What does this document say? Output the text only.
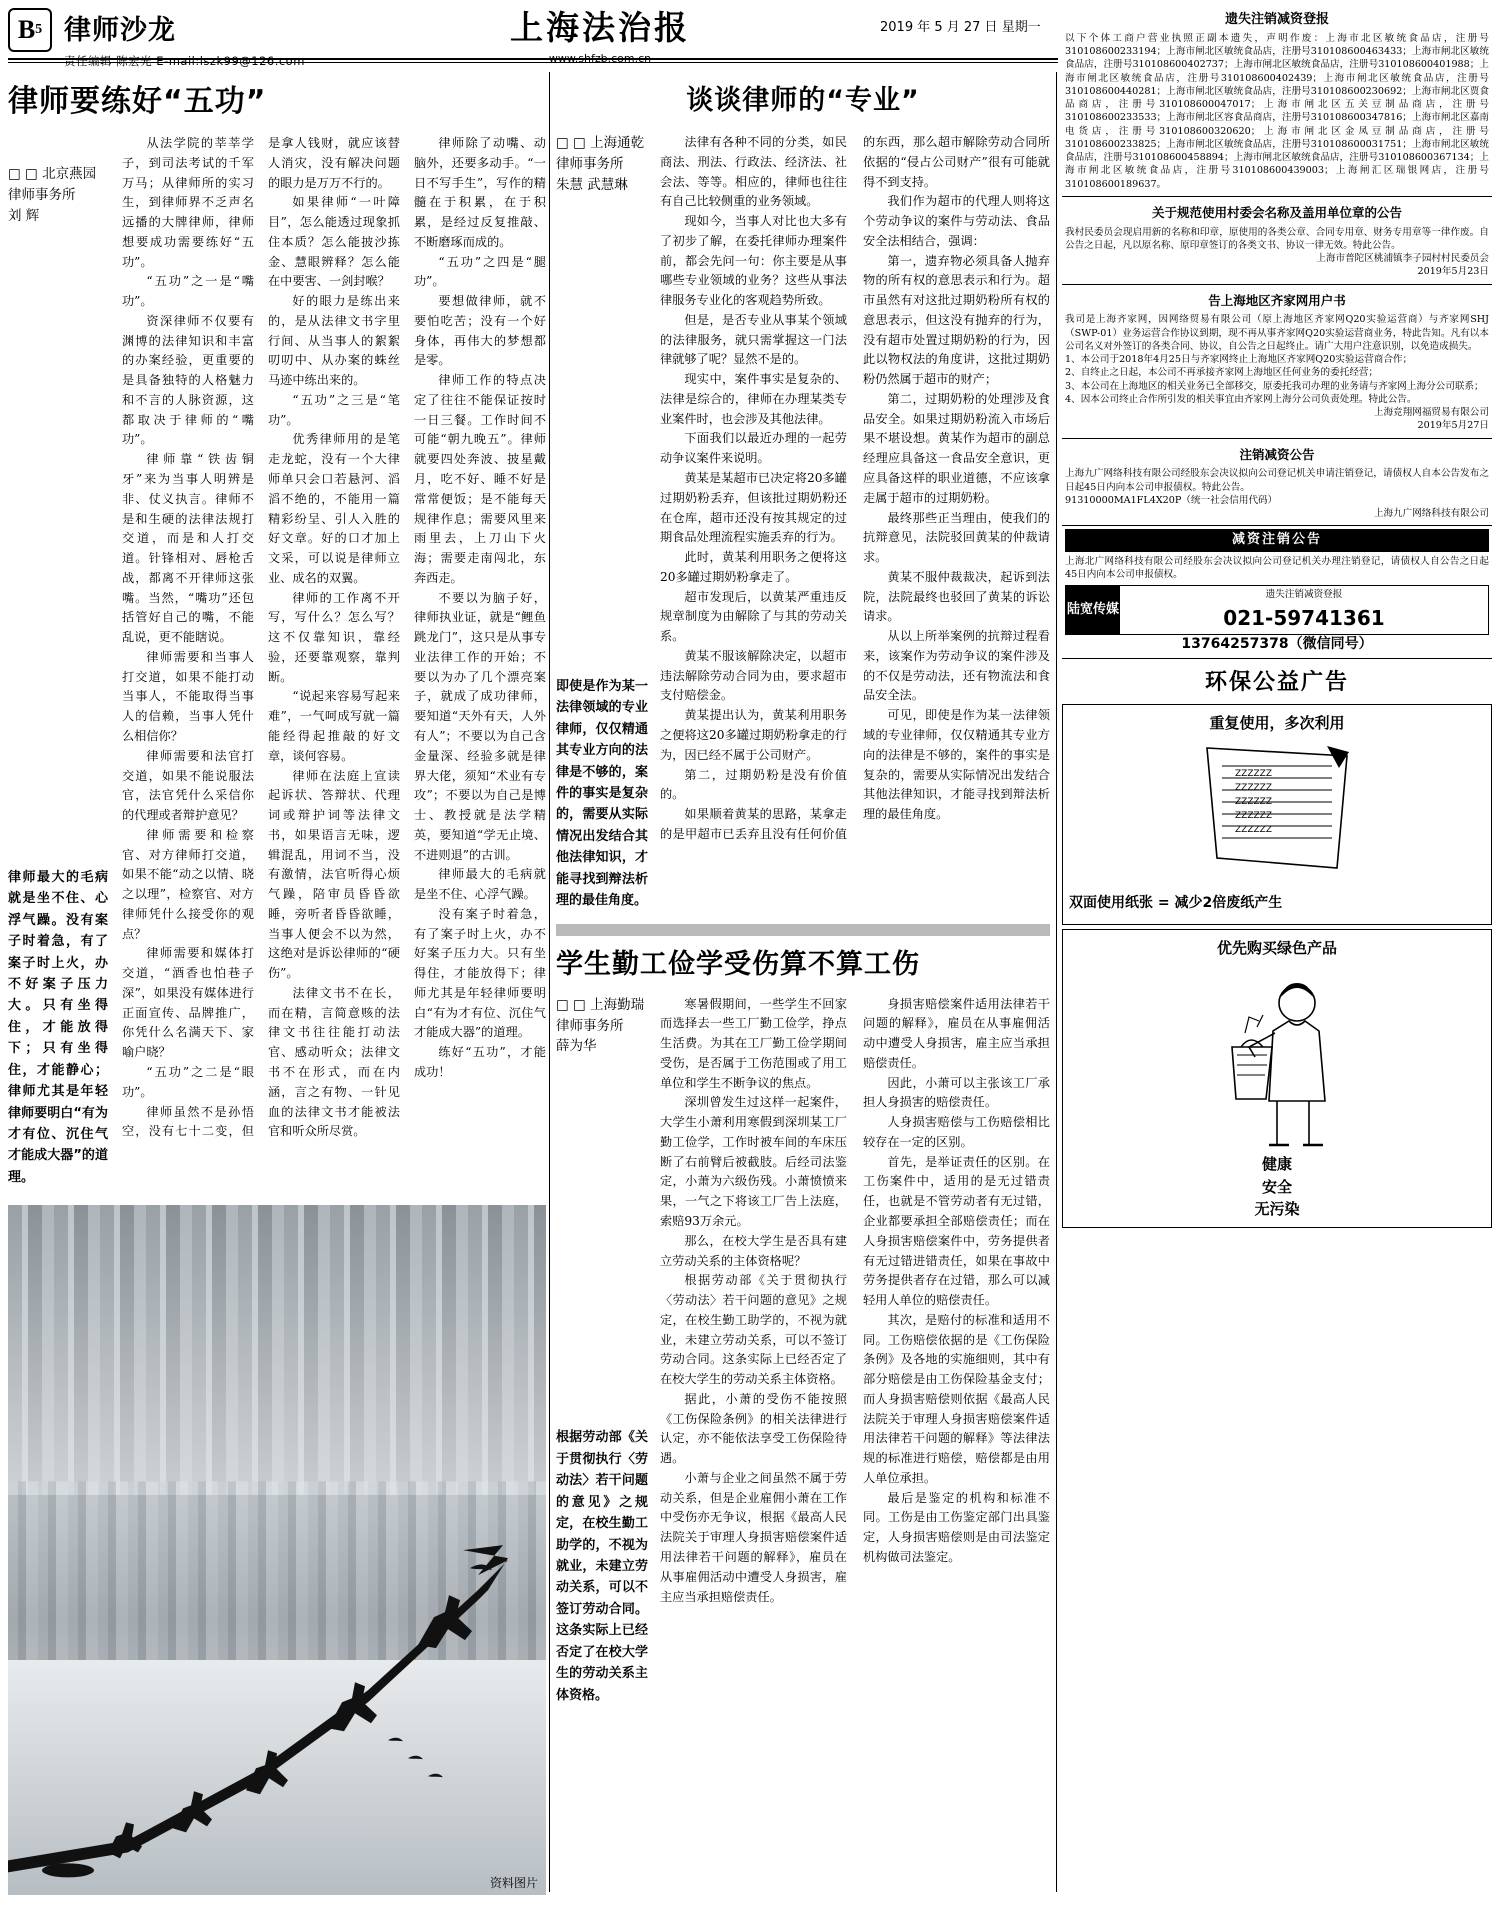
B 5 律师沙龙
责任编辑 陈宏光 E-mail:lszk99@126.com
上海法治报
www.shfzb.com.cn
2019 年 5 月 27 日 星期一
律师要练好“五功”
□ □ 北京燕园
律师事务所
刘 辉
律师最大的毛病就是坐不住、心浮气躁。没有案子时着急，有了案子时上火，办不好案子压力大。只有坐得住，才能放得下；只有坐得住，才能静心；律师尤其是年轻律师要明白“有为才有位、沉住气才能成大器”的道理。

从法学院的莘莘学子，到司法考试的千军万马；从律师所的实习生，到律师界不乏声名远播的大牌律师，律师想要成功需要练好“五功”。

“五功”之一是“嘴功”。

资深律师不仅要有渊博的法律知识和丰富的办案经验，更重要的是具备独特的人格魅力和不言的人脉资源，这都取决于律师的“嘴功”。

律师靠“铁齿铜牙”来为当事人明辨是非、仗义执言。律师不是和生硬的法律法规打交道，而是和人打交道。针锋相对、唇枪舌战，都离不开律师这张嘴。当然，“嘴功”还包括管好自己的嘴，不能乱说，更不能瞎说。

律师需要和当事人打交道，如果不能打动当事人，不能取得当事人的信赖，当事人凭什么相信你？

律师需要和法官打交道，如果不能说服法官，法官凭什么采信你的代理或者辩护意见？

律师需要和检察官、对方律师打交道，如果不能“动之以情、晓之以理”，检察官、对方律师凭什么接受你的观点？

律师需要和媒体打交道，“酒香也怕巷子深”，如果没有媒体进行正面宣传、品牌推广，你凭什么名满天下、家喻户晓？

“五功”之二是“眼功”。

律师虽然不是孙悟空，没有七十二变，但是拿人钱财，就应该替人消灾，没有解决问题的眼力是万万不行的。

如果律师“一叶障目”，怎么能透过现象抓住本质？怎么能披沙拣金、慧眼辨释？怎么能在中要害、一剑封喉？

好的眼力是练出来的，是从法律文书字里行间、从当事人的絮絮叨叨中、从办案的蛛丝马迹中练出来的。

“五功”之三是“笔功”。

优秀律师用的是笔走龙蛇，没有一个大律师单只会口若悬河、滔滔不绝的，不能用一篇精彩纷呈、引人入胜的好文章。好的口才加上文采，可以说是律师立业、成名的双翼。

律师的工作离不开写，写什么？怎么写？这不仅靠知识，靠经验，还要靠观察，靠判断。

“说起来容易写起来难”，一气呵成写就一篇能经得起推敲的好文章，谈何容易。

律师在法庭上宣读起诉状、答辩状、代理词或辩护词等法律文书，如果语言无味，逻辑混乱，用词不当，没有激情，法官听得心烦气躁，陪审员昏昏欲睡，旁听者昏昏欲睡，当事人便会不以为然，这绝对是诉讼律师的“硬伤”。

法律文书不在长，而在精，言简意赅的法律文书往往能打动法官、感动听众；法律文书不在形式，而在内涵，言之有物、一针见血的法律文书才能被法官和听众所尽赏。

律师除了动嘴、动脑外，还要多动手。“一日不写手生”，写作的精髓在于积累，在于积累，是经过反复推敲、不断磨琢而成的。

“五功”之四是“腿功”。

要想做律师，就不要怕吃苦；没有一个好身体，再伟大的梦想都是零。

律师工作的特点决定了往往不能保证按时一日三餐。工作时间不可能“朝九晚五”。律师就要四处奔波、披星戴月，吃不好、睡不好是常常便饭；是不能每天规律作息；需要风里来雨里去，上刀山下火海；需要走南闯北，东奔西走。

不要以为脑子好，律师执业证，就是“鲤鱼跳龙门”，这只是从事专业法律工作的开始；不要以为办了几个漂亮案子，就成了成功律师，要知道“天外有天，人外有人”；不要以为自己含金量深、经验多就是律界大佬，须知“术业有专攻”；不要以为自己是博士、教授就是法学精英，要知道“学无止境、不进则退”的古训。

律师最大的毛病就是坐不住、心浮气躁。

没有案子时着急，有了案子时上火，办不好案子压力大。只有坐得住，才能放得下；律师尤其是年轻律师要明白“有为才有位、沉住气才能成大器”的道理。

练好“五功”，才能成功！

资料图片
谈谈律师的“专业”
□ □ 上海通乾
律师事务所
朱慧 武慧琳
即使是作为某一法律领域的专业律师，仅仅精通其专业方向的法律是不够的，案件的事实是复杂的，需要从实际情况出发结合其他法律知识，才能寻找到辩法析理的最佳角度。

法律有各种不同的分类，如民商法、刑法、行政法、经济法、社会法、等等。相应的，律师也往往有自己比较侧重的业务领域。

现如今，当事人对比也大多有了初步了解，在委托律师办理案件前，都会先问一句：你主要是从事哪些专业领域的业务？这些从事法律服务专业化的客观趋势所致。

但是，是否专业从事某个领域的法律服务，就只需掌握这一门法律就够了呢？显然不是的。

现实中，案件事实是复杂的、法律是综合的，律师在办理某类专业案件时，也会涉及其他法律。

下面我们以最近办理的一起劳动争议案件来说明。

黄某是某超市已决定将20多罐过期奶粉丢弃，但该批过期奶粉还在仓库，超市还没有按其规定的过期食品处理流程实施丢弃的行为。

此时，黄某利用职务之便将这20多罐过期奶粉拿走了。

超市发现后，以黄某严重违反规章制度为由解除了与其的劳动关系。

黄某不服该解除决定，以超市违法解除劳动合同为由，要求超市支付赔偿金。

黄某提出认为，黄某利用职务之便将这20多罐过期奶粉拿走的行为，因已经不属于公司财产。

第二，过期奶粉是没有价值的。

如果顺着黄某的思路，某拿走的是甲超市已丢弃且没有任何价值的东西，那么超市解除劳动合同所依据的“侵占公司财产”很有可能就得不到支持。

我们作为超市的代理人则将这个劳动争议的案件与劳动法、食品安全法相结合，强调：

第一，遗弃物必须具备人抛弃物的所有权的意思表示和行为。超市虽然有对这批过期奶粉所有权的意思表示，但这没有抛弃的行为，没有超市处置过期奶粉的行为，因此以物权法的角度讲，这批过期奶粉仍然属于超市的财产；

第二，过期奶粉的处理涉及食品安全。如果过期奶粉流入市场后果不堪设想。黄某作为超市的副总经理应具备这一食品安全意识，更应具备这样的职业道德，不应该拿走属于超市的过期奶粉。

最终那些正当理由，使我们的抗辩意见，法院驳回黄某的仲裁请求。

黄某不服仲裁裁决，起诉到法院，法院最终也驳回了黄某的诉讼请求。

从以上所举案例的抗辩过程看来，该案作为劳动争议的案件涉及的不仅是劳动法，还有物流法和食品安全法。

可见，即使是作为某一法律领域的专业律师，仅仅精通其专业方向的法律是不够的，案件的事实是复杂的，需要从实际情况出发结合其他法律知识，才能寻找到辩法析理的最佳角度。

学生勤工俭学受伤算不算工伤
□ □ 上海勤瑞
律师事务所
薛为华
根据劳动部《关于贯彻执行〈劳动法〉若干问题的意见》之规定，在校生勤工助学的，不视为就业，未建立劳动关系，可以不签订劳动合同。这条实际上已经否定了在校大学生的劳动关系主体资格。

寒暑假期间，一些学生不回家而选择去一些工厂勤工俭学，挣点生活费。为其在工厂勤工俭学期间受伤，是否属于工伤范围或了用工单位和学生不断争议的焦点。

深圳曾发生过这样一起案件，大学生小萧利用寒假到深圳某工厂勤工俭学，工作时被车间的车床压断了右前臂后被截肢。后经司法鉴定，小萧为六级伤残。小萧愤愤来果，一气之下将该工厂告上法庭，索赔93万余元。

那么，在校大学生是否具有建立劳动关系的主体资格呢？

根据劳动部《关于贯彻执行〈劳动法〉若干问题的意见》之规定，在校生勤工助学的，不视为就业，未建立劳动关系，可以不签订劳动合同。这条实际上已经否定了在校大学生的劳动关系主体资格。

据此，小萧的受伤不能按照《工伤保险条例》的相关法律进行认定，亦不能依法享受工伤保险待遇。

小萧与企业之间虽然不属于劳动关系，但是企业雇佣小萧在工作中受伤亦无争议，根据《最高人民法院关于审理人身损害赔偿案件适用法律若干问题的解释》，雇员在从事雇佣活动中遭受人身损害，雇主应当承担赔偿责任。

身损害赔偿案件适用法律若干问题的解释》，雇员在从事雇佣活动中遭受人身损害，雇主应当承担赔偿责任。

因此，小萧可以主张该工厂承担人身损害的赔偿责任。

人身损害赔偿与工伤赔偿相比较存在一定的区别。

首先，是举证责任的区别。在工伤案件中，适用的是无过错责任，也就是不管劳动者有无过错，企业都要承担全部赔偿责任；而在人身损害赔偿案件中，劳务提供者有无过错进错责任，如果在事故中劳务提供者存在过错，那么可以减轻用人单位的赔偿责任。

其次，是赔付的标准和适用不同。工伤赔偿依据的是《工伤保险条例》及各地的实施细则，其中有部分赔偿是由工伤保险基金支付；而人身损害赔偿则依据《最高人民法院关于审理人身损害赔偿案件适用法律若干问题的解释》等法律法规的标准进行赔偿，赔偿都是由用人单位承担。

最后是鉴定的机构和标准不同。工伤是由工伤鉴定部门出具鉴定，人身损害赔偿则是由司法鉴定机构做司法鉴定。

遗失注销减资登报
以下个体工商户营业执照正副本遗失，声明作废：上海市北区敏统食品店，注册号310108600233194；上海市闸北区敏统食品店，注册号310108600463433；上海市闸北区敏统食品店，注册号310108600402737；上海市闸北区敏统食品店，注册号310108600401988；上海市闸北区敏统食品店，注册号310108600402439；上海市闸北区敏统食品店，注册号310108600440281；上海市闸北区敏统食品店，注册号310108600230692；上海市闸北区贾食品商店，注册号310108600047017；上海市闸北区五关豆制品商店，注册号310108600233533；上海市闸北区容食品商店，注册号310108600347816；上海市闸北区嘉南电货店，注册号310108600320620；上海市闸北区金凤豆制品商店，注册号310108600233825；上海市闸北区敏统食品店，注册号310108600031751；上海市闸北区敏统食品店，注册号310108600458894；上海市闸北区敏统食品店，注册号310108600367134；上海市闸北区敏统食品店，注册号310108600439003；上海闸汇区瑞银网店，注册号310108600189637。
关于规范使用村委会名称及盖用单位章的公告
我村民委员会现启用新的名称和印章，原使用的各类公章、合同专用章、财务专用章等一律作废。自公告之日起，凡以原名称、原印章签订的各类文书、协议一律无效。特此公告。
上海市普陀区桃浦镇李子园村村民委员会
2019年5月23日
告上海地区齐家网用户书
我司是上海齐家网，因网络贸易有限公司（原上海地区齐家网Q20实验运营商）与齐家网SHJ（SWP-01）业务运营合作协议到期，现不再从事齐家网Q20实验运营商业务，特此告知。凡有以本公司名义对外签订的各类合同、协议，自公告之日起终止。请广大用户注意识别，以免造成损失。
1、本公司于2018年4月25日与齐家网终止上海地区齐家网Q20实验运营商合作；
2、自终止之日起，本公司不再承接齐家网上海地区任何业务的委托经营；
3、本公司在上海地区的相关业务已全部移交，原委托我司办理的业务请与齐家网上海分公司联系；
4、因本公司终止合作所引发的相关事宜由齐家网上海分公司负责处理。特此公告。
上海竞翔网福贸易有限公司
2019年5月27日
注销减资公告
上海九广网络科技有限公司经股东会决议拟向公司登记机关申请注销登记，请债权人自本公告发布之日起45日内向本公司申报债权。特此公告。
91310000MA1FL4X20P（统一社会信用代码）
上海九广网络科技有限公司
减资注销公告
上海北广网络科技有限公司经股东会决议拟向公司登记机关办理注销登记，请债权人自公告之日起45日内向本公司申报债权。
陆宽传媒
遗失注销减资登报
021-59741361
13764257378（微信同号）
环保公益广告
重复使用，多次利用
ZZZZZZ
ZZZZZZ
ZZZZZZ
ZZZZZZ
ZZZZZZ
双面使用纸张 = 减少2倍废纸产生
优先购买绿色产品
健康
安全
无污染
